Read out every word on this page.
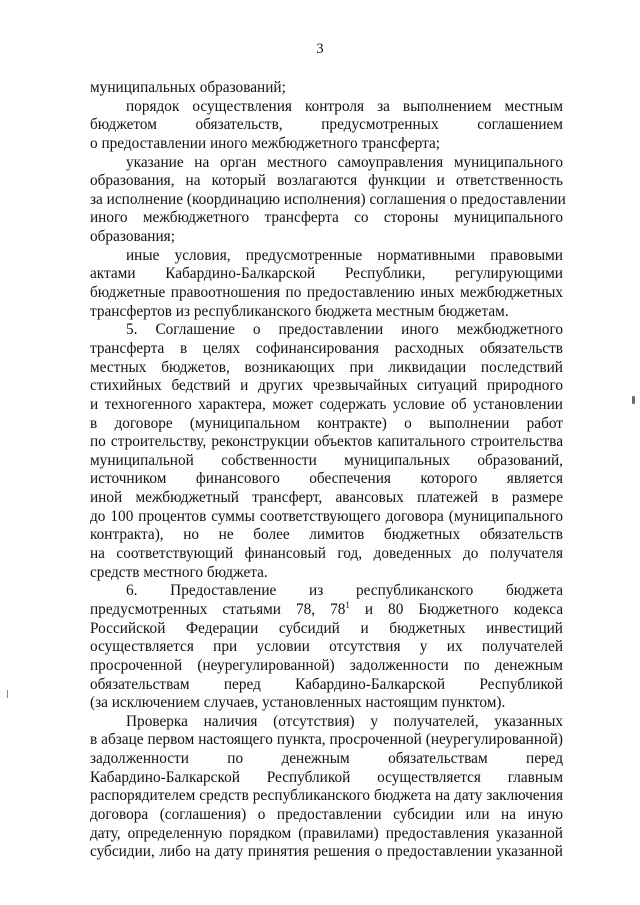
3
муниципальных образований;
порядок осуществления контроля за выполнением местным
бюджетом обязательств, предусмотренных соглашением
о предоставлении иного межбюджетного трансферта;
указание на орган местного самоуправления муниципального
образования, на который возлагаются функции и ответственность
за исполнение (координацию исполнения) соглашения о предоставлении
иного межбюджетного трансферта со стороны муниципального
образования;
иные условия, предусмотренные нормативными правовыми
актами Кабардино-Балкарской Республики, регулирующими
бюджетные правоотношения по предоставлению иных межбюджетных
трансфертов из республиканского бюджета местным бюджетам.
5. Соглашение о предоставлении иного межбюджетного
трансферта в целях софинансирования расходных обязательств
местных бюджетов, возникающих при ликвидации последствий
стихийных бедствий и других чрезвычайных ситуаций природного
и техногенного характера, может содержать условие об установлении
в договоре (муниципальном контракте) о выполнении работ
по строительству, реконструкции объектов капитального строительства
муниципальной собственности муниципальных образований,
источником финансового обеспечения которого является
иной межбюджетный трансферт, авансовых платежей в размере
до 100 процентов суммы соответствующего договора (муниципального
контракта), но не более лимитов бюджетных обязательств
на соответствующий финансовый год, доведенных до получателя
средств местного бюджета.
6. Предоставление из республиканского бюджета
предусмотренных статьями 78, $78^1$ и 80 Бюджетного кодекса
Российской Федерации субсидий и бюджетных инвестиций
осуществляется при условии отсутствия у их получателей
просроченной (неурегулированной) задолженности по денежным
обязательствам перед Кабардино-Балкарской Республикой
(за исключением случаев, установленных настоящим пунктом).
Проверка наличия (отсутствия) у получателей, указанных
в абзаце первом настоящего пункта, просроченной (неурегулированной)
задолженности по денежным обязательствам перед
Кабардино-Балкарской Республикой осуществляется главным
распорядителем средств республиканского бюджета на дату заключения
договора (соглашения) о предоставлении субсидии или на иную
дату, определенную порядком (правилами) предоставления указанной
субсидии, либо на дату принятия решения о предоставлении указанной
